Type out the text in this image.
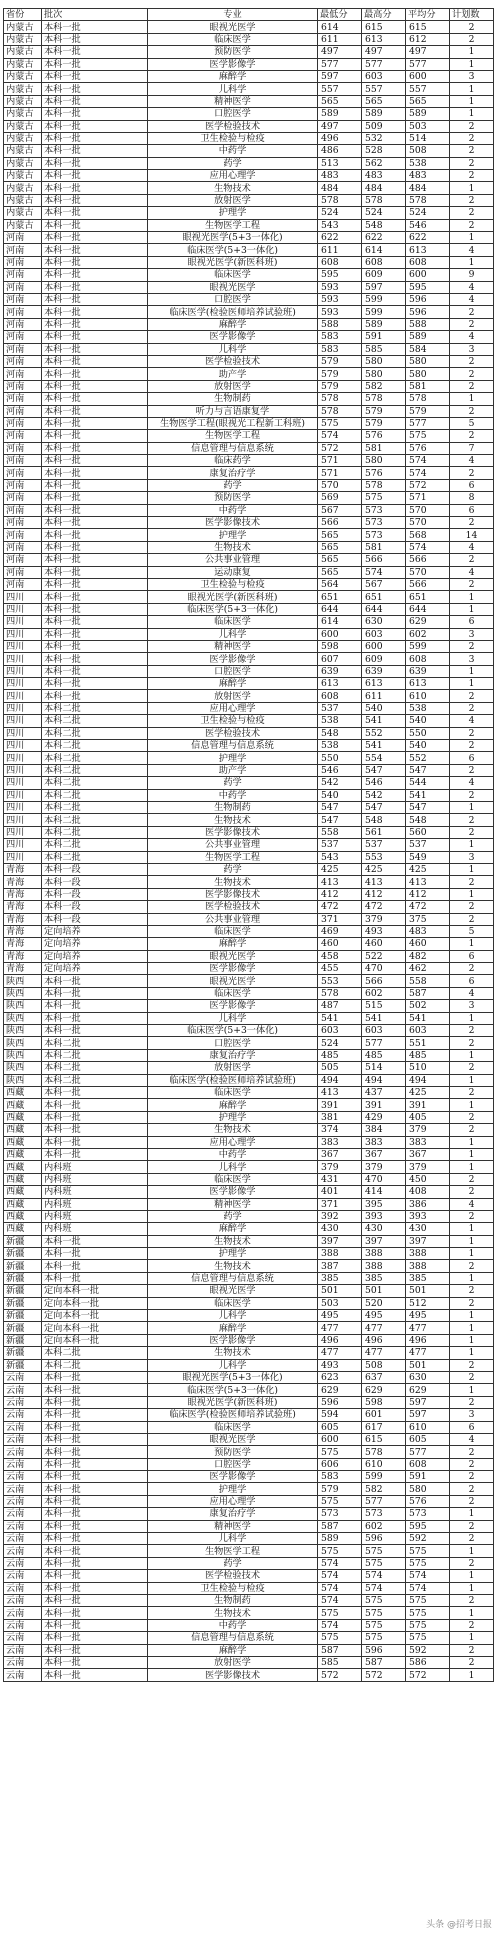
省份	批次	专业	最低分	最高分	平均分	计划数
内蒙古	本科一批	眼视光医学	614	615	615	2
内蒙古	本科一批	临床医学	611	613	612	2
内蒙古	本科一批	预防医学	497	497	497	1
内蒙古	本科一批	医学影像学	577	577	577	1
内蒙古	本科一批	麻醉学	597	603	600	3
内蒙古	本科一批	儿科学	557	557	557	1
内蒙古	本科一批	精神医学	565	565	565	1
内蒙古	本科一批	口腔医学	589	589	589	1
内蒙古	本科一批	医学检验技术	497	509	503	2
内蒙古	本科一批	卫生检验与检疫	496	532	514	2
内蒙古	本科一批	中药学	486	528	508	2
内蒙古	本科一批	药学	513	562	538	2
内蒙古	本科一批	应用心理学	483	483	483	2
内蒙古	本科一批	生物技术	484	484	484	1
内蒙古	本科一批	放射医学	578	578	578	2
内蒙古	本科一批	护理学	524	524	524	2
内蒙古	本科一批	生物医学工程	543	548	546	2
河南	本科一批	眼视光医学(5+3一体化)	622	622	622	1
河南	本科一批	临床医学(5+3一体化)	611	614	613	4
河南	本科一批	眼视光医学(新医科班)	608	608	608	1
河南	本科一批	临床医学	595	609	600	9
河南	本科一批	眼视光医学	593	597	595	4
河南	本科一批	口腔医学	593	599	596	4
河南	本科一批	临床医学(检验医师培养试验班)	593	599	596	2
河南	本科一批	麻醉学	588	589	588	2
河南	本科一批	医学影像学	583	591	589	4
河南	本科一批	儿科学	583	585	584	3
河南	本科一批	医学检验技术	579	580	580	2
河南	本科一批	助产学	579	580	580	2
河南	本科一批	放射医学	579	582	581	2
河南	本科一批	生物制药	578	578	578	1
河南	本科一批	听力与言语康复学	578	579	579	2
河南	本科一批	生物医学工程(眼视光工程新工科班)	575	579	577	5
河南	本科一批	生物医学工程	574	576	575	2
河南	本科一批	信息管理与信息系统	572	581	576	7
河南	本科一批	临床药学	571	580	574	4
河南	本科一批	康复治疗学	571	576	574	2
河南	本科一批	药学	570	578	572	6
河南	本科一批	预防医学	569	575	571	8
河南	本科一批	中药学	567	573	570	6
河南	本科一批	医学影像技术	566	573	570	2
河南	本科一批	护理学	565	573	568	14
河南	本科一批	生物技术	565	581	574	4
河南	本科一批	公共事业管理	565	566	566	2
河南	本科一批	运动康复	565	574	570	4
河南	本科一批	卫生检验与检疫	564	567	566	2
四川	本科一批	眼视光医学(新医科班)	651	651	651	1
四川	本科一批	临床医学(5+3一体化)	644	644	644	1
四川	本科一批	临床医学	614	630	629	6
四川	本科一批	儿科学	600	603	602	3
四川	本科一批	精神医学	598	600	599	2
四川	本科一批	医学影像学	607	609	608	3
四川	本科一批	口腔医学	639	639	639	1
四川	本科一批	麻醉学	613	613	613	1
四川	本科一批	放射医学	608	611	610	2
四川	本科二批	应用心理学	537	540	538	2
四川	本科二批	卫生检验与检疫	538	541	540	4
四川	本科二批	医学检验技术	548	552	550	2
四川	本科二批	信息管理与信息系统	538	541	540	2
四川	本科二批	护理学	550	554	552	6
四川	本科二批	助产学	546	547	547	2
四川	本科二批	药学	542	546	544	4
四川	本科二批	中药学	540	542	541	2
四川	本科二批	生物制药	547	547	547	1
四川	本科二批	生物技术	547	548	548	2
四川	本科二批	医学影像技术	558	561	560	2
四川	本科二批	公共事业管理	537	537	537	1
四川	本科二批	生物医学工程	543	553	549	3
青海	本科一段	药学	425	425	425	1
青海	本科一段	生物技术	413	413	413	2
青海	本科一段	医学影像技术	412	412	412	1
青海	本科一段	医学检验技术	472	472	472	2
青海	本科一段	公共事业管理	371	379	375	2
青海	定向培养	临床医学	469	493	483	5
青海	定向培养	麻醉学	460	460	460	1
青海	定向培养	眼视光医学	458	522	482	6
青海	定向培养	医学影像学	455	470	462	2
陕西	本科一批	眼视光医学	553	566	558	6
陕西	本科一批	临床医学	578	602	587	4
陕西	本科一批	医学影像学	487	515	502	3
陕西	本科一批	儿科学	541	541	541	1
陕西	本科一批	临床医学(5+3一体化)	603	603	603	2
陕西	本科二批	口腔医学	524	577	551	2
陕西	本科二批	康复治疗学	485	485	485	1
陕西	本科二批	放射医学	505	514	510	2
陕西	本科二批	临床医学(检验医师培养试验班)	494	494	494	1
西藏	本科一批	临床医学	413	437	425	2
西藏	本科一批	麻醉学	391	391	391	1
西藏	本科一批	护理学	381	429	405	2
西藏	本科一批	生物技术	374	384	379	2
西藏	本科一批	应用心理学	383	383	383	1
西藏	本科一批	中药学	367	367	367	1
西藏	内科班	儿科学	379	379	379	1
西藏	内科班	临床医学	431	470	450	2
西藏	内科班	医学影像学	401	414	408	2
西藏	内科班	精神医学	371	395	386	4
西藏	内科班	药学	392	393	393	2
西藏	内科班	麻醉学	430	430	430	1
新疆	本科一批	生物技术	397	397	397	1
新疆	本科一批	护理学	388	388	388	1
新疆	本科一批	生物技术	387	388	388	2
新疆	本科一批	信息管理与信息系统	385	385	385	1
新疆	定向本科一批	眼视光医学	501	501	501	2
新疆	定向本科一批	临床医学	503	520	512	2
新疆	定向本科一批	儿科学	495	495	495	1
新疆	定向本科一批	麻醉学	477	477	477	1
新疆	定向本科一批	医学影像学	496	496	496	1
新疆	本科二批	生物技术	477	477	477	1
新疆	本科二批	儿科学	493	508	501	2
云南	本科一批	眼视光医学(5+3一体化)	623	637	630	2
云南	本科一批	临床医学(5+3一体化)	629	629	629	1
云南	本科一批	眼视光医学(新医科班)	596	598	597	2
云南	本科一批	临床医学(检验医师培养试验班)	594	601	597	3
云南	本科一批	临床医学	605	617	610	6
云南	本科一批	眼视光医学	600	615	605	4
云南	本科一批	预防医学	575	578	577	2
云南	本科一批	口腔医学	606	610	608	2
云南	本科一批	医学影像学	583	599	591	2
云南	本科一批	护理学	579	582	580	2
云南	本科一批	应用心理学	575	577	576	2
云南	本科一批	康复治疗学	573	573	573	1
云南	本科一批	精神医学	587	602	595	2
云南	本科一批	儿科学	589	596	592	2
云南	本科一批	生物医学工程	575	575	575	1
云南	本科一批	药学	574	575	575	2
云南	本科一批	医学检验技术	574	574	574	1
云南	本科一批	卫生检验与检疫	574	574	574	1
云南	本科一批	生物制药	574	575	575	2
云南	本科一批	生物技术	575	575	575	1
云南	本科一批	中药学	574	575	575	2
云南	本科一批	信息管理与信息系统	575	575	575	1
云南	本科一批	麻醉学	587	596	592	2
云南	本科一批	放射医学	585	587	586	2
云南	本科一批	医学影像技术	572	572	572	1
头条 @招考日报
